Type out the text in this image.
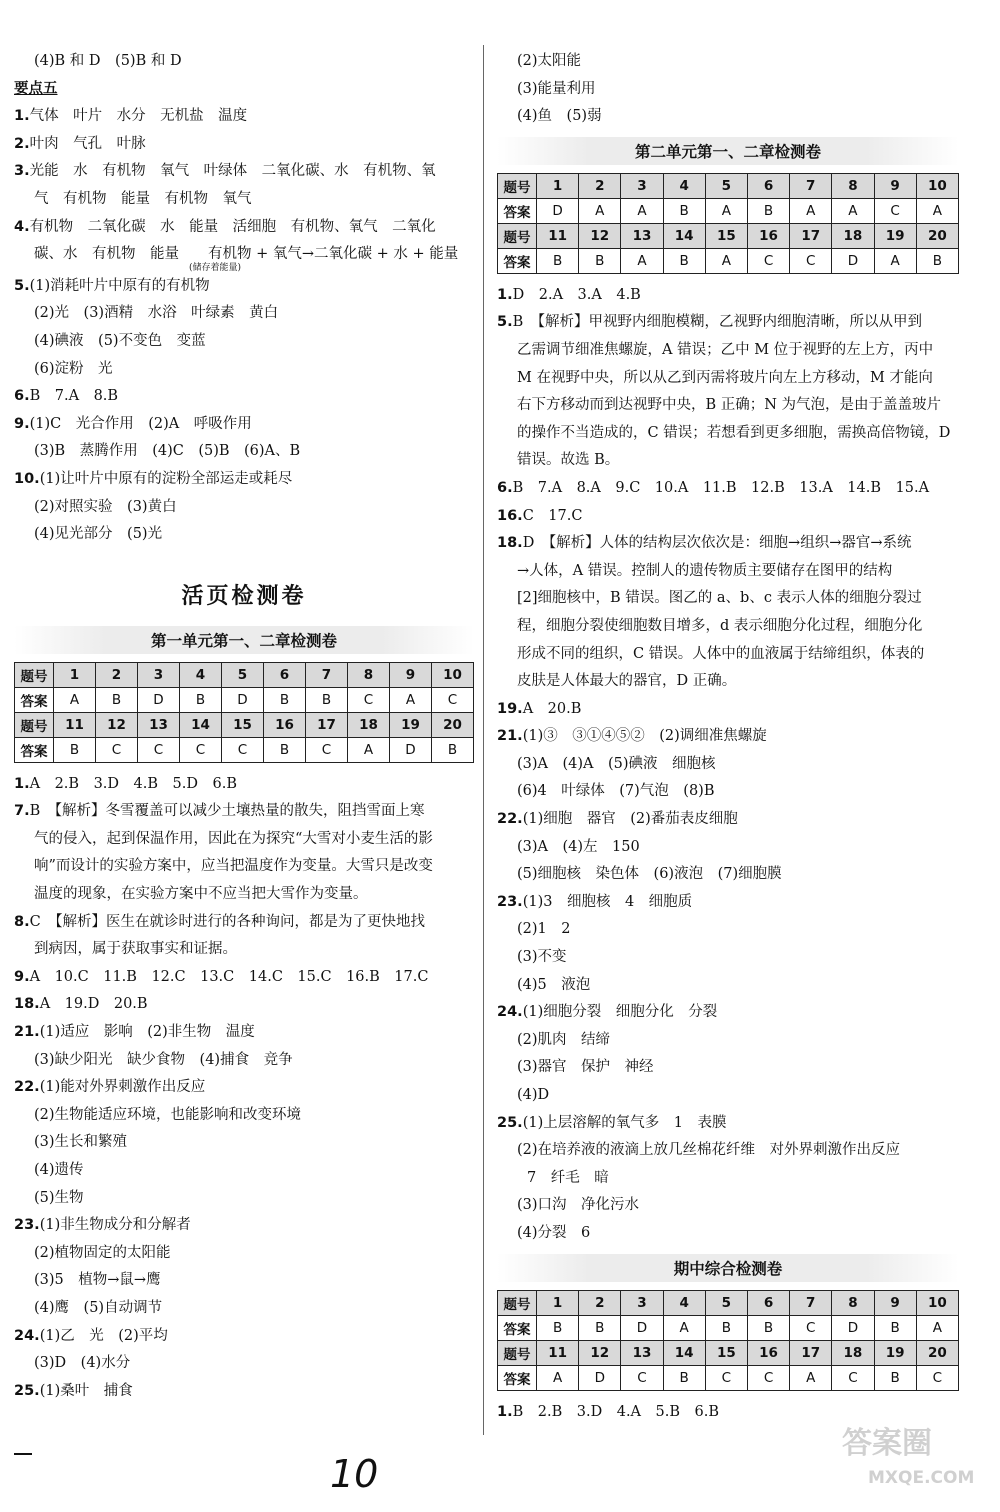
(4)B 和 D　(5)B 和 D
要点五
1.气体　叶片　水分　无机盐　温度
2.叶肉　气孔　叶脉
3.光能　水　有机物　氧气　叶绿体　二氧化碳、水　有机物、氧
气　有机物　能量　有机物　氧气
4.有机物　二氧化碳　水　能量　活细胞　有机物、氧气　二氧化
碳、水　有机物　能量　　有机物 + 氧气→二氧化碳 + 水 + 能量
(储存着能量)
5.(1)消耗叶片中原有的有机物
(2)光　(3)酒精　水浴　叶绿素　黄白
(4)碘液　(5)不变色　变蓝
(6)淀粉　光
6.B　7.A　8.B
9.(1)C　光合作用　(2)A　呼吸作用
(3)B　蒸腾作用　(4)C　(5)B　(6)A、B
10.(1)让叶片中原有的淀粉全部运走或耗尽
(2)对照实验　(3)黄白
(4)见光部分　(5)光
活页检测卷
第一单元第一、二章检测卷
题号	1	2	3	4	5	6	7	8	9	10
答案	A	B	D	B	D	B	B	C	A	C
题号	11	12	13	14	15	16	17	18	19	20
答案	B	C	C	C	C	B	C	A	D	B
1.A　2.B　3.D　4.B　5.D　6.B
7.B　【解析】冬雪覆盖可以减少土壤热量的散失，阻挡雪面上寒
气的侵入，起到保温作用，因此在为探究“大雪对小麦生活的影
响”而设计的实验方案中，应当把温度作为变量。大雪只是改变
温度的现象，在实验方案中不应当把大雪作为变量。
8.C　【解析】医生在就诊时进行的各种询问，都是为了更快地找
到病因，属于获取事实和证据。
9.A　10.C　11.B　12.C　13.C　14.C　15.C　16.B　17.C
18.A　19.D　20.B
21.(1)适应　影响　(2)非生物　温度
(3)缺少阳光　缺少食物　(4)捕食　竞争
22.(1)能对外界刺激作出反应
(2)生物能适应环境，也能影响和改变环境
(3)生长和繁殖
(4)遗传
(5)生物
23.(1)非生物成分和分解者
(2)植物固定的太阳能
(3)5　植物→鼠→鹰
(4)鹰　(5)自动调节
24.(1)乙　光　(2)平均
(3)D　(4)水分
25.(1)桑叶　捕食
(2)太阳能
(3)能量利用
(4)鱼　(5)弱
第二单元第一、二章检测卷
题号	1	2	3	4	5	6	7	8	9	10
答案	D	A	A	B	A	B	A	A	C	A
题号	11	12	13	14	15	16	17	18	19	20
答案	B	B	A	B	A	C	C	D	A	B
1.D　2.A　3.A　4.B
5.B　【解析】甲视野内细胞模糊，乙视野内细胞清晰，所以从甲到
乙需调节细准焦螺旋，A 错误；乙中 M 位于视野的左上方，丙中
M 在视野中央，所以从乙到丙需将玻片向左上方移动，M 才能向
右下方移动而到达视野中央，B 正确；N 为气泡，是由于盖盖玻片
的操作不当造成的，C 错误；若想看到更多细胞，需换高倍物镜，D
错误。故选 B。
6.B　7.A　8.A　9.C　10.A　11.B　12.B　13.A　14.B　15.A
16.C　17.C
18.D　【解析】人体的结构层次依次是：细胞→组织→器官→系统
→人体，A 错误。控制人的遗传物质主要储存在图甲的结构
[2]细胞核中，B 错误。图乙的 a、b、c 表示人体的细胞分裂过
程，细胞分裂使细胞数目增多，d 表示细胞分化过程，细胞分化
形成不同的组织，C 错误。人体中的血液属于结缔组织，体表的
皮肤是人体最大的器官，D 正确。
19.A　20.B
21.(1)③　③①④⑤②　(2)调细准焦螺旋
(3)A　(4)A　(5)碘液　细胞核
(6)4　叶绿体　(7)气泡　(8)B
22.(1)细胞　器官　(2)番茄表皮细胞
(3)A　(4)左　150
(5)细胞核　染色体　(6)液泡　(7)细胞膜
23.(1)3　细胞核　4　细胞质
(2)1　2
(3)不变
(4)5　液泡
24.(1)细胞分裂　细胞分化　分裂
(2)肌肉　结缔
(3)器官　保护　神经
(4)D
25.(1)上层溶解的氧气多　1　表膜
(2)在培养液的液滴上放几丝棉花纤维　对外界刺激作出反应
7　纤毛　暗
(3)口沟　净化污水
(4)分裂　6
期中综合检测卷
题号	1	2	3	4	5	6	7	8	9	10
答案	B	B	D	A	B	B	C	D	B	A
题号	11	12	13	14	15	16	17	18	19	20
答案	A	D	C	B	C	C	A	C	B	C
1.B　2.B　3.D　4.A　5.B　6.B
10
答案圈
MXQE.COM
